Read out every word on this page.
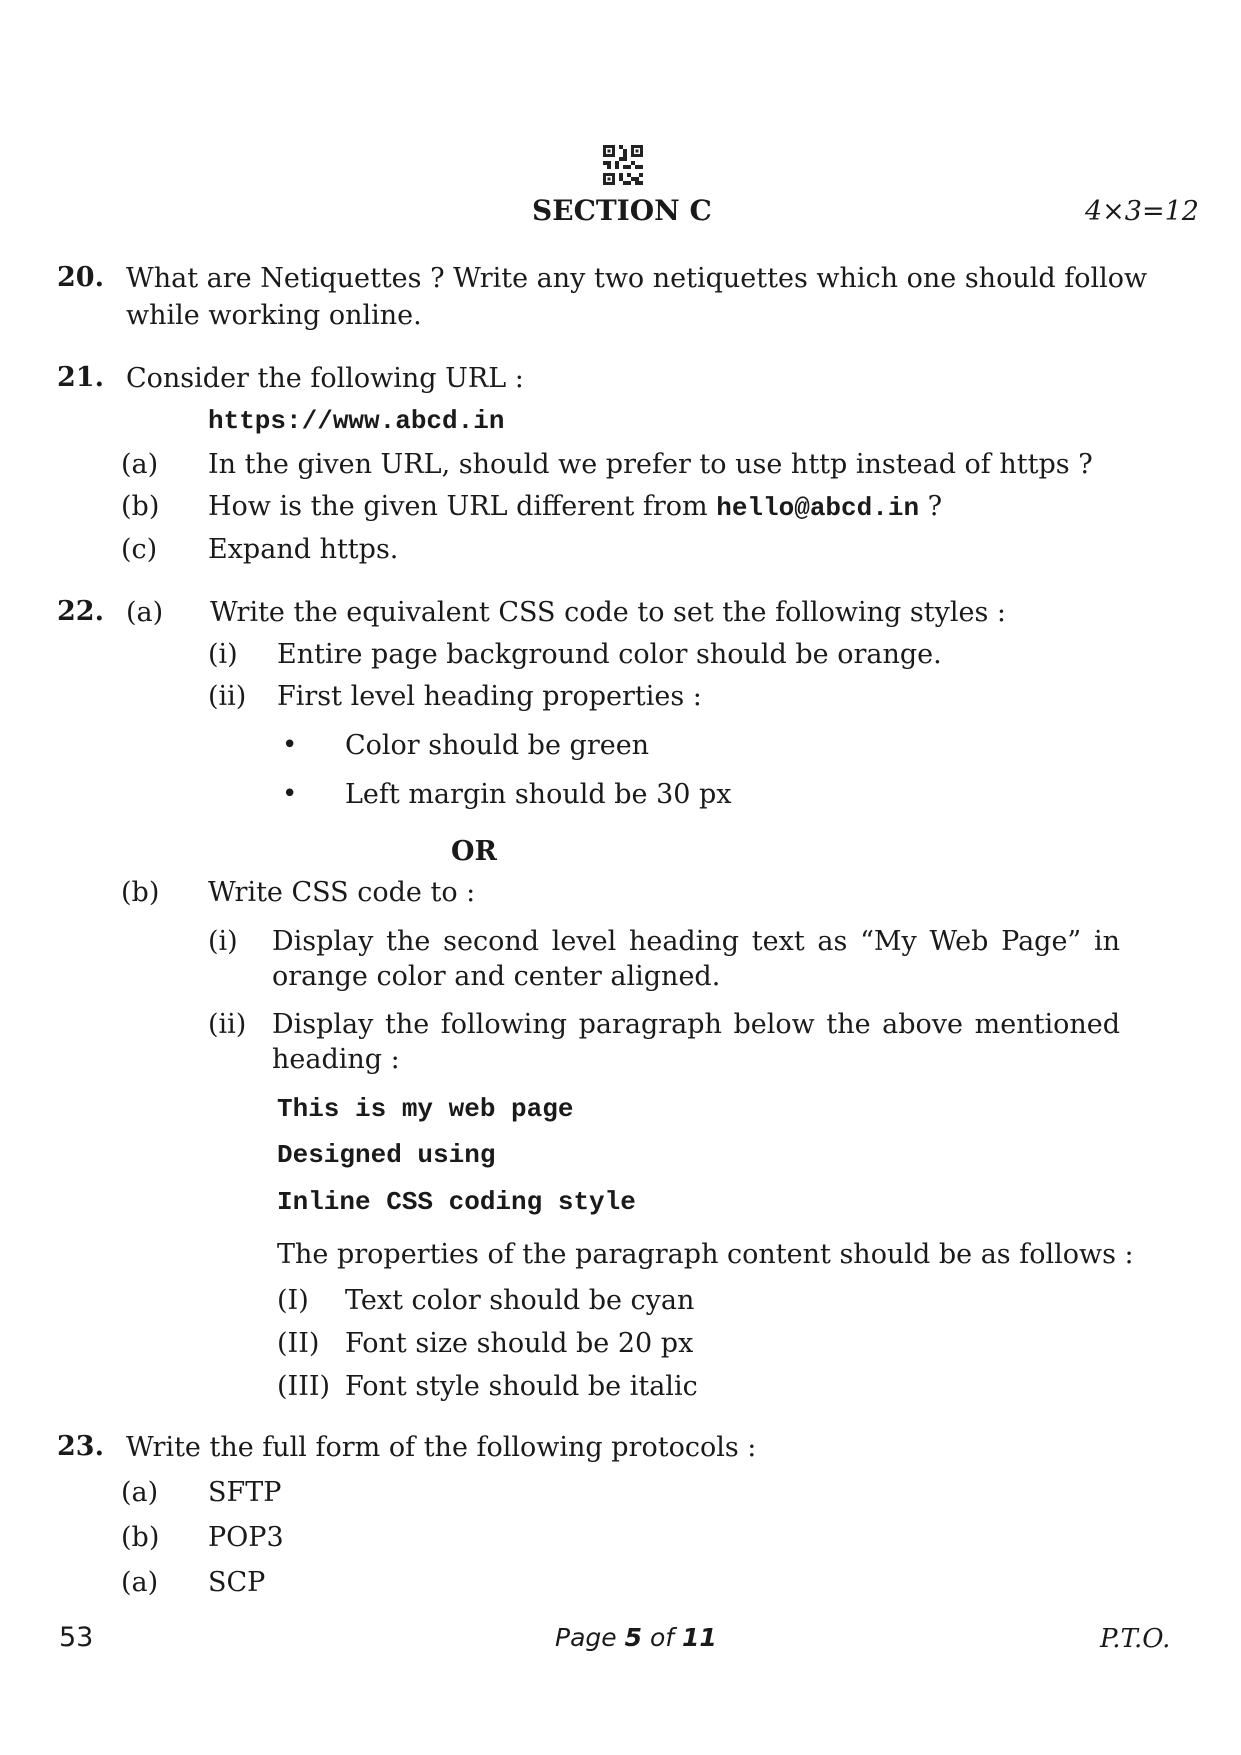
SECTION C	4×3=12
20. What are Netiquettes ? Write any two netiquettes which one should follow
while working online.
21. Consider the following URL :
https://www.abcd.in
(a) In the given URL, should we prefer to use http instead of https ?
(b) How is the given URL different from hello@abcd.in ?
(c) Expand https.
22. (a) Write the equivalent CSS code to set the following styles :
(i) Entire page background color should be orange.
(ii) First level heading properties :
• Color should be green
• Left margin should be 30 px
OR
(b) Write CSS code to :
(i) Display the second level heading text as “My Web Page” in
orange color and center aligned.
(ii) Display the following paragraph below the above mentioned
heading :
This is my web page
Designed using
Inline CSS coding style
The properties of the paragraph content should be as follows :
(I) Text color should be cyan
(II) Font size should be 20 px
(III) Font style should be italic
23. Write the full form of the following protocols :
(a) SFTP
(b) POP3
(a) SCP
53	Page 5 of 11	P.T.O.
